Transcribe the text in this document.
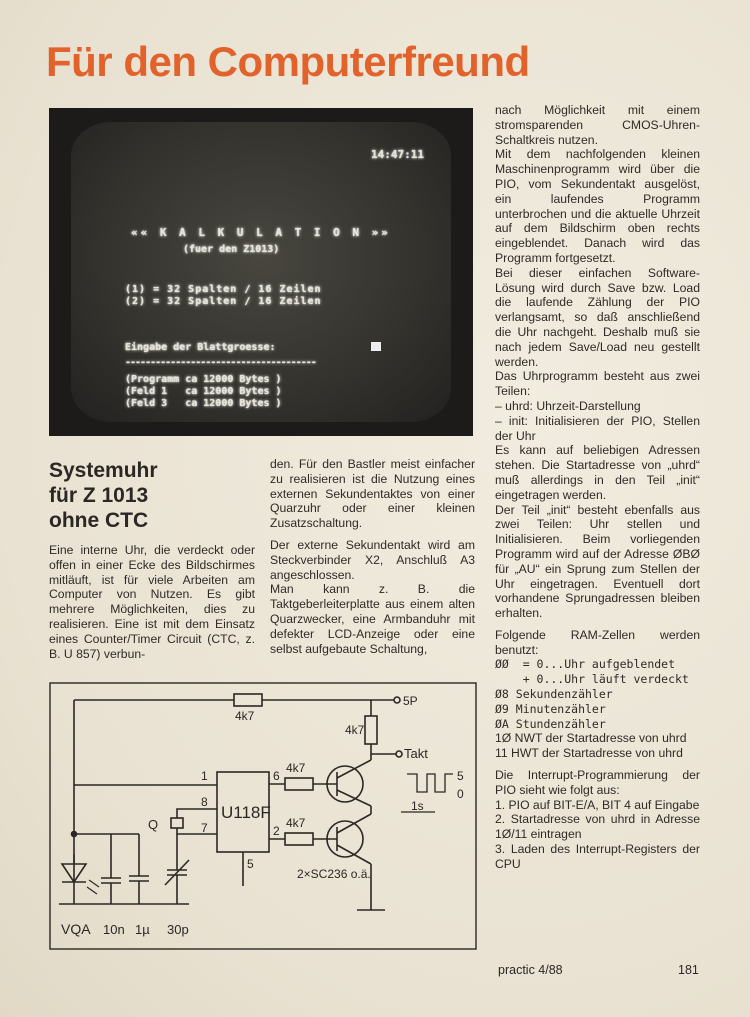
Für den Computerfreund
14:47:11
«« K A L K U L A T I O N »»
(fuer den Z1013)
(1) = 32 Spalten / 16 Zeilen
(2) = 32 Spalten / 16 Zeilen
Eingabe der Blattgroesse:
--------------------------------------
(Programm ca 12000 Bytes )
(Feld 1   ca 12000 Bytes )
(Feld 3   ca 12000 Bytes )
Systemuhr
für Z 1013
ohne CTC

Eine interne Uhr, die verdeckt oder offen in einer Ecke des Bildschirmes mitläuft, ist für viele Arbeiten am Computer von Nutzen. Es gibt mehrere Möglichkeiten, dies zu realisieren. Eine ist mit dem Einsatz eines Counter/Timer Circuit (CTC, z. B. U 857) verbun-

den. Für den Bastler meist einfacher zu realisieren ist die Nutzung eines externen Sekundentaktes von einer Quarzuhr oder einer kleinen Zusatzschaltung.

Der externe Sekundentakt wird am Steckverbinder X2, Anschluß A3 angeschlossen.

Man kann z. B. die Taktgeberleiterplatte aus einem alten Quarzwecker, eine Armbanduhr mit defekter LCD-Anzeige oder eine selbst aufgebaute Schaltung,

nach Möglichkeit mit einem stromsparenden CMOS-Uhren-Schaltkreis nutzen.

Mit dem nachfolgenden kleinen Maschinenprogramm wird über die PIO, vom Sekundentakt ausgelöst, ein laufendes Programm unterbrochen und die aktuelle Uhrzeit auf dem Bildschirm oben rechts eingeblendet. Danach wird das Programm fortgesetzt.

Bei dieser einfachen Software-Lösung wird durch Save bzw. Load die laufende Zählung der PIO verlangsamt, so daß anschließend die Uhr nachgeht. Deshalb muß sie nach jedem Save/Load neu gestellt werden.

Das Uhrprogramm besteht aus zwei Teilen:

– uhrd: Uhrzeit-Darstellung

– init: Initialisieren der PIO, Stellen der Uhr

Es kann auf beliebigen Adressen stehen. Die Startadresse von „uhrd“ muß allerdings in den Teil „init“ eingetragen werden.

Der Teil „init“ besteht ebenfalls aus zwei Teilen: Uhr stellen und Initialisieren. Beim vorliegenden Programm wird auf der Adresse ØBØ für „AU“ ein Sprung zum Stellen der Uhr eingetragen. Eventuell dort vorhandene Sprungadressen bleiben erhalten.

Folgende RAM-Zellen werden benutzt:

ØØ  = 0...Uhr aufgeblendet

+ 0...Uhr läuft verdeckt

Ø8 Sekundenzähler

Ø9 Minutenzähler

ØA Stundenzähler

1Ø NWT der Startadresse von uhrd

11 HWT der Startadresse von uhrd

Die Interrupt-Programmierung der PIO sieht wie folgt aus:

1. PIO auf BIT-E/A, BIT 4 auf Eingabe

2. Startadresse von uhrd in Adresse 1Ø/11 eintragen

3. Laden des Interrupt-Registers der CPU

5P
4k7
4k7
Takt
U118F
1
8
7
Q
5
6
4k7
2
4k7
2×SC236 o.ä.
5
0
1s
VQA 10n 1µ 30p
practic 4/88	181
